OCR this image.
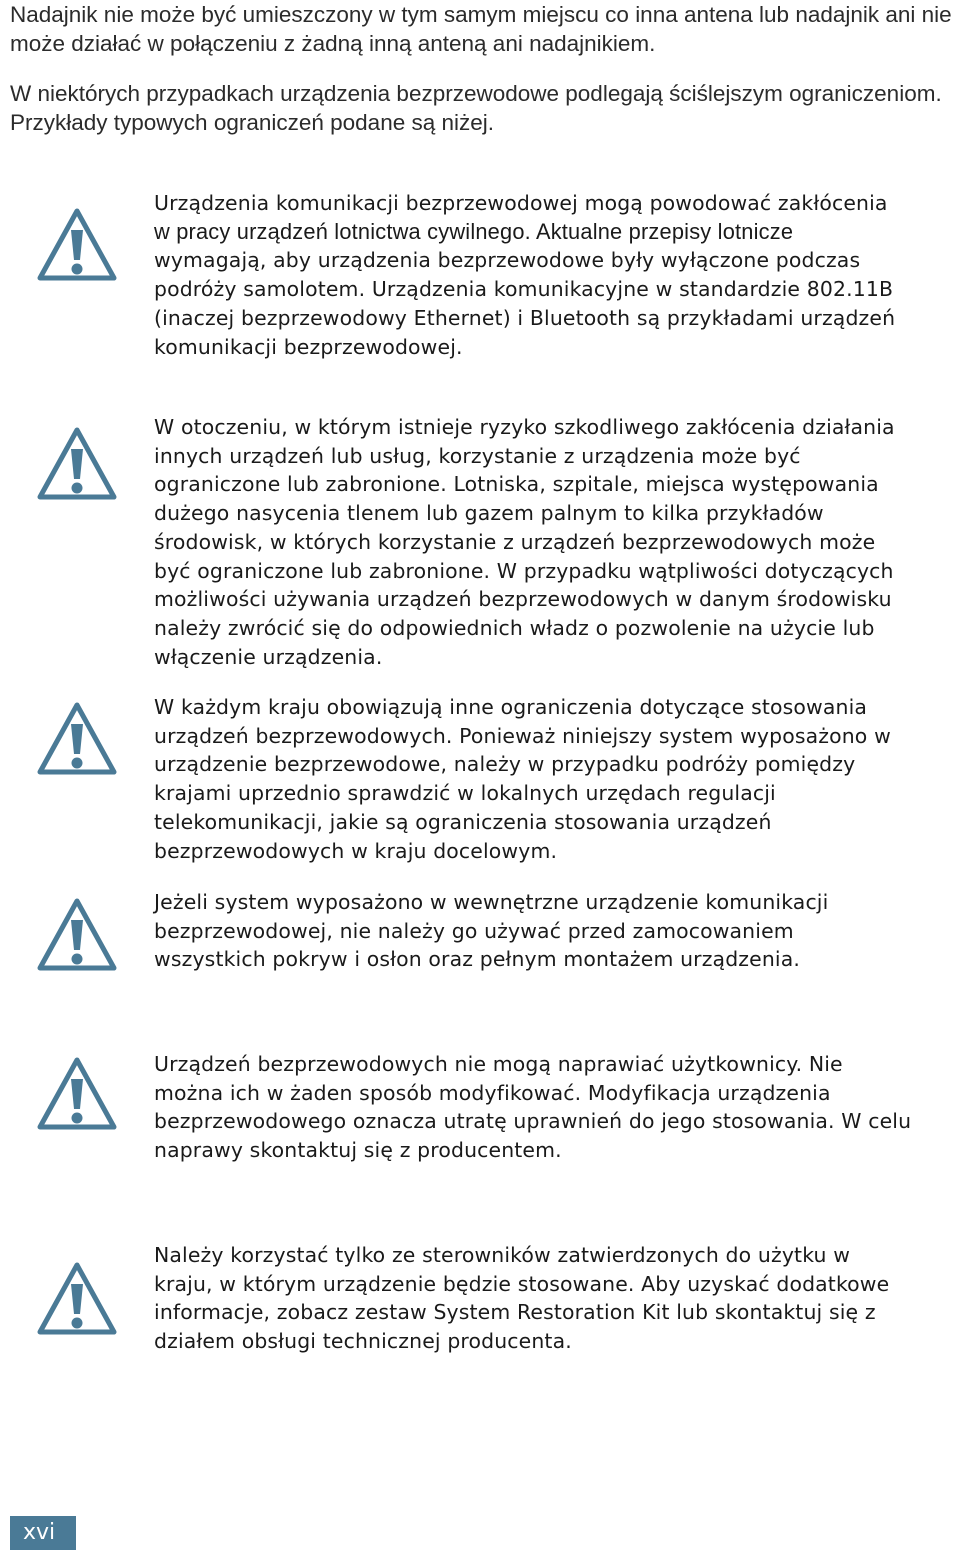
Nadajnik nie może być umieszczony w tym samym miejscu co inna antena lub nadajnik ani nie może działać w połączeniu z żadną inną anteną ani nadajnikiem.

W niektórych przypadkach urządzenia bezprzewodowe podlegają ściślejszym ograniczeniom. Przykłady typowych ograniczeń podane są niżej.

Urządzenia komunikacji bezprzewodowej mogą powodować zakłócenia
w pracy urządzeń lotnictwa cywilnego. Aktualne przepisy lotnicze
wymagają, aby urządzenia bezprzewodowe były wyłączone podczas
podróży samolotem. Urządzenia komunikacyjne w standardzie 802.11B
(inaczej bezprzewodowy Ethernet) i Bluetooth są przykładami urządzeń
komunikacji bezprzewodowej.

W otoczeniu, w którym istnieje ryzyko szkodliwego zakłócenia działania
innych urządzeń lub usług, korzystanie z urządzenia może być
ograniczone lub zabronione. Lotniska, szpitale, miejsca występowania
dużego nasycenia tlenem lub gazem palnym to kilka przykładów
środowisk, w których korzystanie z urządzeń bezprzewodowych może
być ograniczone lub zabronione. W przypadku wątpliwości dotyczących
możliwości używania urządzeń bezprzewodowych w danym środowisku
należy zwrócić się do odpowiednich władz o pozwolenie na użycie lub
włączenie urządzenia.

W każdym kraju obowiązują inne ograniczenia dotyczące stosowania
urządzeń bezprzewodowych. Ponieważ niniejszy system wyposażono w
urządzenie bezprzewodowe, należy w przypadku podróży pomiędzy
krajami uprzednio sprawdzić w lokalnych urzędach regulacji
telekomunikacji, jakie są ograniczenia stosowania urządzeń
bezprzewodowych w kraju docelowym.

Jeżeli system wyposażono w wewnętrzne urządzenie komunikacji
bezprzewodowej, nie należy go używać przed zamocowaniem
wszystkich pokryw i osłon oraz pełnym montażem urządzenia.

Urządzeń bezprzewodowych nie mogą naprawiać użytkownicy. Nie
można ich w żaden sposób modyfikować. Modyfikacja urządzenia
bezprzewodowego oznacza utratę uprawnień do jego stosowania. W celu
naprawy skontaktuj się z producentem.

Należy korzystać tylko ze sterowników zatwierdzonych do użytku w
kraju, w którym urządzenie będzie stosowane. Aby uzyskać dodatkowe
informacje, zobacz zestaw System Restoration Kit lub skontaktuj się z
działem obsługi technicznej producenta.

xvi
